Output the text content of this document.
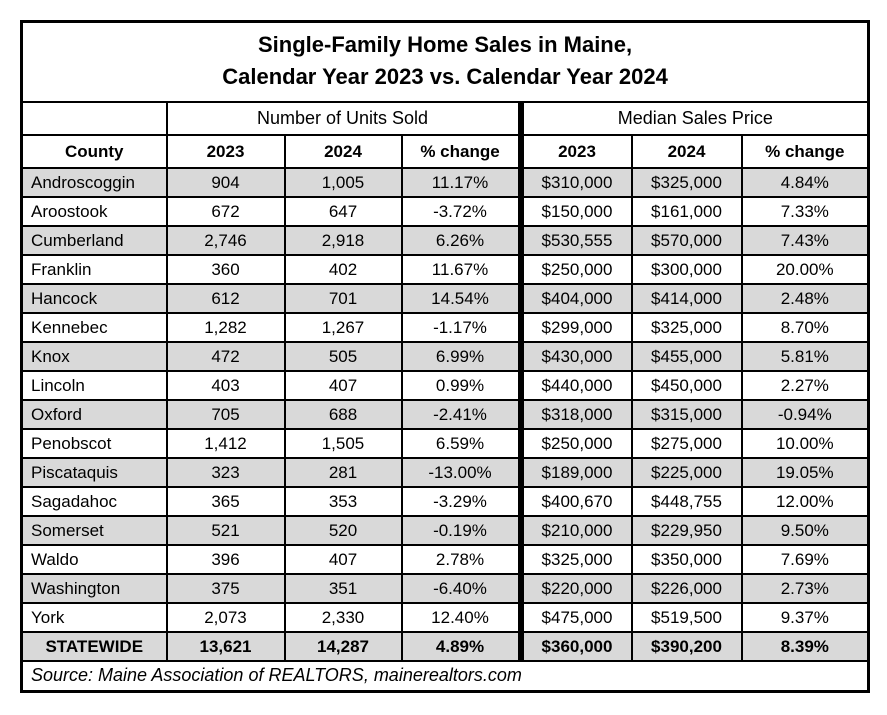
Single-Family Home Sales in Maine,
Calendar Year 2023 vs. Calendar Year 2024						

	Number of Units Sold			Median Sales Price		
County	2023	2024	% change	2023	2024	% change
Androscoggin	904	1,005	11.17%	$310,000	$325,000	4.84%
Aroostook	672	647	-3.72%	$150,000	$161,000	7.33%
Cumberland	2,746	2,918	6.26%	$530,555	$570,000	7.43%
Franklin	360	402	11.67%	$250,000	$300,000	20.00%
Hancock	612	701	14.54%	$404,000	$414,000	2.48%
Kennebec	1,282	1,267	-1.17%	$299,000	$325,000	8.70%
Knox	472	505	6.99%	$430,000	$455,000	5.81%
Lincoln	403	407	0.99%	$440,000	$450,000	2.27%
Oxford	705	688	-2.41%	$318,000	$315,000	-0.94%
Penobscot	1,412	1,505	6.59%	$250,000	$275,000	10.00%
Piscataquis	323	281	-13.00%	$189,000	$225,000	19.05%
Sagadahoc	365	353	-3.29%	$400,670	$448,755	12.00%
Somerset	521	520	-0.19%	$210,000	$229,950	9.50%
Waldo	396	407	2.78%	$325,000	$350,000	7.69%
Washington	375	351	-6.40%	$220,000	$226,000	2.73%
York	2,073	2,330	12.40%	$475,000	$519,500	9.37%
STATEWIDE	13,621	14,287	4.89%	$360,000	$390,200	8.39%
Source: Maine Association of REALTORS, mainerealtors.com						
